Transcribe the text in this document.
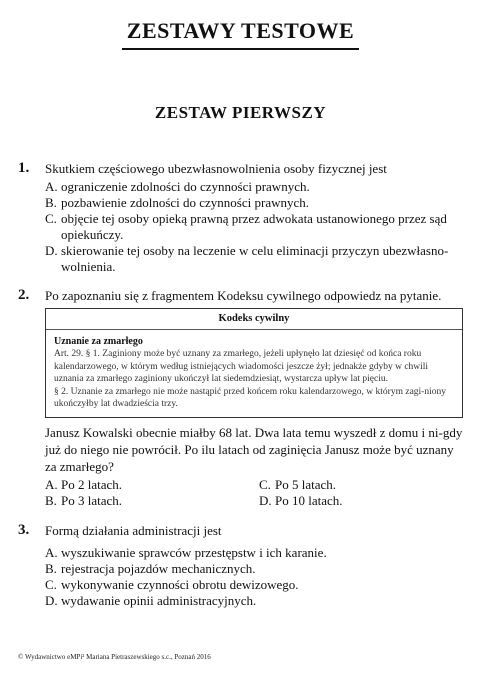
ZESTAWY TESTOWE
ZESTAW PIERWSZY
1. Skutkiem częściowego ubezwłasnowolnienia osoby fizycznej jest
A. ograniczenie zdolności do czynności prawnych.
B. pozbawienie zdolności do czynności prawnych.
C. objęcie tej osoby opieką prawną przez adwokata ustanowionego przez sąd opiekuńczy.
D. skierowanie tej osoby na leczenie w celu eliminacji przyczyn ubezwłasno-wolnienia.
2. Po zapoznaniu się z fragmentem Kodeksu cywilnego odpowiedz na pytanie.
Kodeks cywilny
Uznanie za zmarłego
Art. 29. § 1. Zaginiony może być uznany za zmarłego, jeżeli upłynęło lat dziesięć od końca roku kalendarzowego, w którym według istniejących wiadomości jeszcze żył; jednakże gdyby w chwili uznania za zmarłego zaginiony ukończył lat siedemdziesiąt, wystarcza upływ lat pięciu.
§ 2. Uznanie za zmarłego nie może nastąpić przed końcem roku kalendarzowego, w którym zagi-niony ukończyłby lat dwadzieścia trzy.
Janusz Kowalski obecnie miałby 68 lat. Dwa lata temu wyszedł z domu i ni-gdy już do niego nie powrócił. Po ilu latach od zaginięcia Janusz może być uznany za zmarłego?
A. Po 2 latach.	C. Po 5 latach.
B. Po 3 latach.	D. Po 10 latach.
3. Formą działania administracji jest
A. wyszukiwanie sprawców przestępstw i ich karanie.
B. rejestracja pojazdów mechanicznych.
C. wykonywanie czynności obrotu dewizowego.
D. wydawanie opinii administracyjnych.
© Wydawnictwo eMPi² Mariana Pietraszewskiego s.c., Poznań 2016
